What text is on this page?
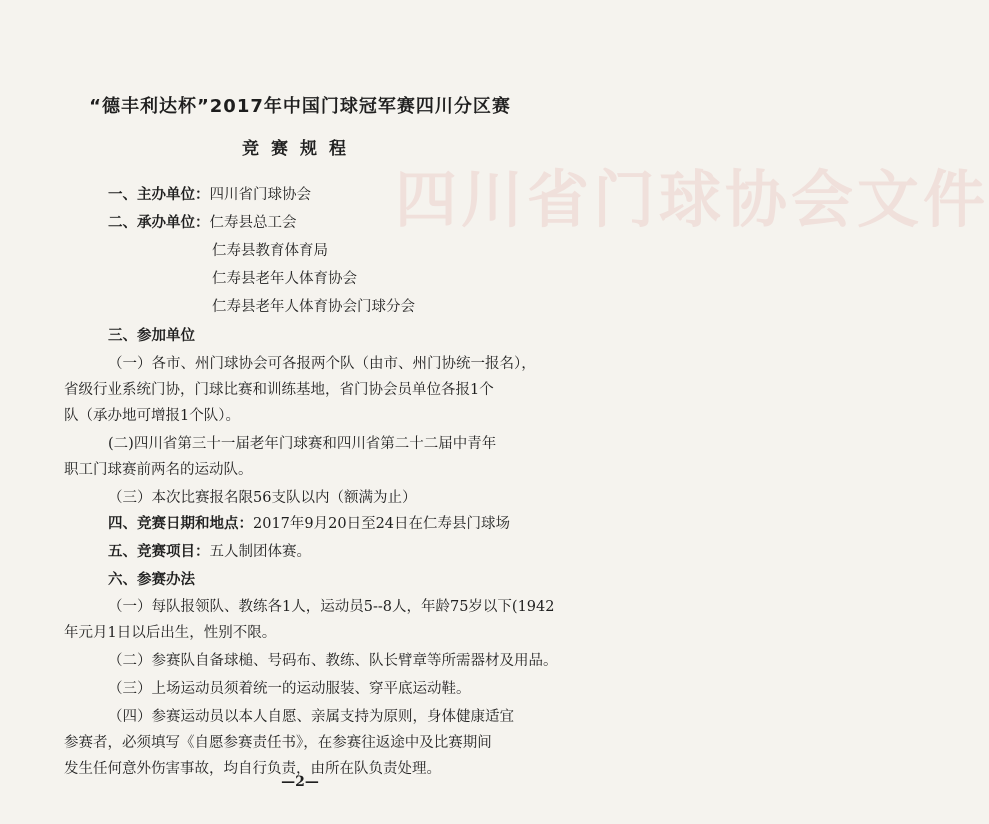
四川省门球协会文件
“德丰利达杯”2017年中国门球冠军赛四川分区赛
竞赛规程
一、主办单位：四川省门球协会
二、承办单位：仁寿县总工会
仁寿县教育体育局
仁寿县老年人体育协会
仁寿县老年人体育协会门球分会
三、参加单位
（一）各市、州门球协会可各报两个队（由市、州门协统一报名），
省级行业系统门协，门球比赛和训练基地，省门协会员单位各报1个
队（承办地可增报1个队）。
(二)四川省第三十一届老年门球赛和四川省第二十二届中青年
职工门球赛前两名的运动队。
（三）本次比赛报名限56支队以内（额满为止）
四、竞赛日期和地点：2017年9月20日至24日在仁寿县门球场
五、竞赛项目：五人制团体赛。
六、参赛办法
（一）每队报领队、教练各1人，运动员5--8人，年龄75岁以下(1942
年元月1日以后出生，性别不限。
（二）参赛队自备球槌、号码布、教练、队长臂章等所需器材及用品。
（三）上场运动员须着统一的运动服装、穿平底运动鞋。
（四）参赛运动员以本人自愿、亲属支持为原则，身体健康适宜
参赛者，必须填写《自愿参赛责任书》，在参赛往返途中及比赛期间
发生任何意外伤害事故，均自行负责，由所在队负责处理。
—2—
